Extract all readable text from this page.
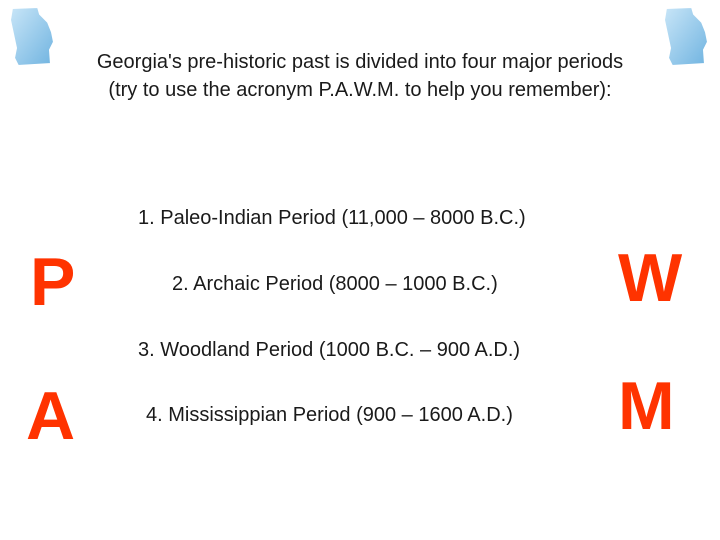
Georgia's pre-historic past is divided into four major periods (try to use the acronym P.A.W.M. to help you remember):
P
A
W
M
1. Paleo-Indian Period (11,000 – 8000 B.C.)
2. Archaic Period (8000 – 1000 B.C.)
3. Woodland Period (1000 B.C. – 900 A.D.)
4. Mississippian Period (900 – 1600 A.D.)
